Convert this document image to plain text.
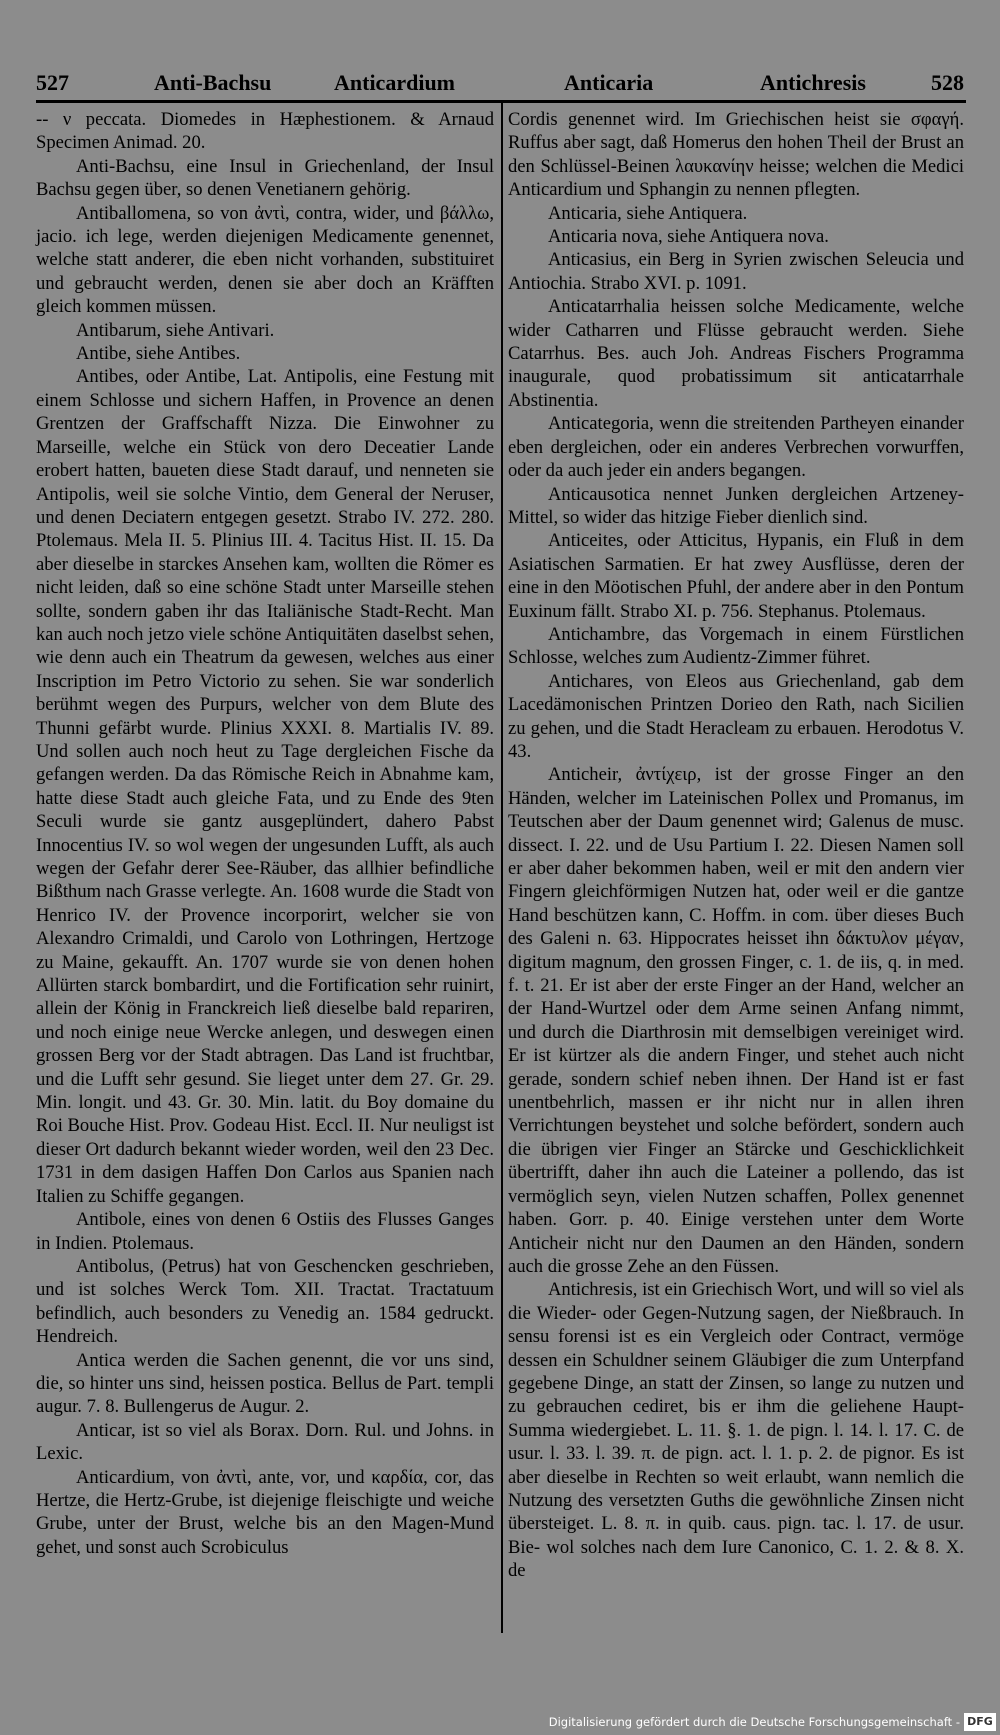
527	Anti-Bachsu	Anticardium	Anticaria	Antichresis	528

-- ν peccata. Diomedes in Hæphestionem. & Arnaud Specimen Animad. 20.

Anti-Bachsu, eine Insul in Griechenland, der Insul Bachsu gegen über, so denen Venetianern gehörig.

Antiballomena, so von ἀντὶ, contra, wider, und βάλλω, jacio. ich lege, werden diejenigen Medicamente genennet, welche statt anderer, die eben nicht vorhanden, substituiret und gebraucht werden, denen sie aber doch an Kräfften gleich kommen müssen.

Antibarum, siehe Antivari.

Antibe, siehe Antibes.

Antibes, oder Antibe, Lat. Antipolis, eine Festung mit einem Schlosse und sichern Haffen, in Provence an denen Grentzen der Graffschafft Nizza. Die Einwohner zu Marseille, welche ein Stück von dero Deceatier Lande erobert hatten, baueten diese Stadt darauf, und nenneten sie Antipolis, weil sie solche Vintio, dem General der Neruser, und denen Deciatern entgegen gesetzt. Strabo IV. 272. 280. Ptolemaus. Mela II. 5. Plinius III. 4. Tacitus Hist. II. 15. Da aber dieselbe in starckes Ansehen kam, wollten die Römer es nicht leiden, daß so eine schöne Stadt unter Marseille stehen sollte, sondern gaben ihr das Italiänische Stadt-Recht. Man kan auch noch jetzo viele schöne Antiquitäten daselbst sehen, wie denn auch ein Theatrum da gewesen, welches aus einer Inscription im Petro Victorio zu sehen. Sie war sonderlich berühmt wegen des Purpurs, welcher von dem Blute des Thunni gefärbt wurde. Plinius XXXI. 8. Martialis IV. 89. Und sollen auch noch heut zu Tage dergleichen Fische da gefangen werden. Da das Römische Reich in Abnahme kam, hatte diese Stadt auch gleiche Fata, und zu Ende des 9ten Seculi wurde sie gantz ausgeplündert, dahero Pabst Innocentius IV. so wol wegen der ungesunden Lufft, als auch wegen der Gefahr derer See-Räuber, das allhier befindliche Bißthum nach Grasse verlegte. An. 1608 wurde die Stadt von Henrico IV. der Provence incorporirt, welcher sie von Alexandro Crimaldi, und Carolo von Lothringen, Hertzoge zu Maine, gekaufft. An. 1707 wurde sie von denen hohen Allürten starck bombardirt, und die Fortification sehr ruinirt, allein der König in Franckreich ließ dieselbe bald repariren, und noch einige neue Wercke anlegen, und deswegen einen grossen Berg vor der Stadt abtragen. Das Land ist fruchtbar, und die Lufft sehr gesund. Sie lieget unter dem 27. Gr. 29. Min. longit. und 43. Gr. 30. Min. latit. du Boy domaine du Roi Bouche Hist. Prov. Godeau Hist. Eccl. II. Nur neuligst ist dieser Ort dadurch bekannt wieder worden, weil den 23 Dec. 1731 in dem dasigen Haffen Don Carlos aus Spanien nach Italien zu Schiffe gegangen.

Antibole, eines von denen 6 Ostiis des Flusses Ganges in Indien. Ptolemaus.

Antibolus, (Petrus) hat von Geschencken geschrieben, und ist solches Werck Tom. XII. Tractat. Tractatuum befindlich, auch besonders zu Venedig an. 1584 gedruckt. Hendreich.

Antica werden die Sachen genennt, die vor uns sind, die, so hinter uns sind, heissen postica. Bellus de Part. templi augur. 7. 8. Bullengerus de Augur. 2.

Anticar, ist so viel als Borax. Dorn. Rul. und Johns. in Lexic.

Anticardium, von ἀντὶ, ante, vor, und καρδία, cor, das Hertze, die Hertz-Grube, ist diejenige fleischigte und weiche Grube, unter der Brust, welche bis an den Magen-Mund gehet, und sonst auch Scrobiculus

Cordis genennet wird. Im Griechischen heist sie σφαγή. Ruffus aber sagt, daß Homerus den hohen Theil der Brust an den Schlüssel-Beinen λαυκανίην heisse; welchen die Medici Anticardium und Sphangin zu nennen pflegten.

Anticaria, siehe Antiquera.

Anticaria nova, siehe Antiquera nova.

Anticasius, ein Berg in Syrien zwischen Seleucia und Antiochia. Strabo XVI. p. 1091.

Anticatarrhalia heissen solche Medicamente, welche wider Catharren und Flüsse gebraucht werden. Siehe Catarrhus. Bes. auch Joh. Andreas Fischers Programma inaugurale, quod probatissimum sit anticatarrhale Abstinentia.

Anticategoria, wenn die streitenden Partheyen einander eben dergleichen, oder ein anderes Verbrechen vorwurffen, oder da auch jeder ein anders begangen.

Anticausotica nennet Junken dergleichen Artzeney-Mittel, so wider das hitzige Fieber dienlich sind.

Anticeites, oder Atticitus, Hypanis, ein Fluß in dem Asiatischen Sarmatien. Er hat zwey Ausflüsse, deren der eine in den Möotischen Pfuhl, der andere aber in den Pontum Euxinum fällt. Strabo XI. p. 756. Stephanus. Ptolemaus.

Antichambre, das Vorgemach in einem Fürstlichen Schlosse, welches zum Audientz-Zimmer führet.

Antichares, von Eleos aus Griechenland, gab dem Lacedämonischen Printzen Dorieo den Rath, nach Sicilien zu gehen, und die Stadt Heracleam zu erbauen. Herodotus V. 43.

Anticheir, ἀντίχειρ, ist der grosse Finger an den Händen, welcher im Lateinischen Pollex und Promanus, im Teutschen aber der Daum genennet wird; Galenus de musc. dissect. I. 22. und de Usu Partium I. 22. Diesen Namen soll er aber daher bekommen haben, weil er mit den andern vier Fingern gleichförmigen Nutzen hat, oder weil er die gantze Hand beschützen kann, C. Hoffm. in com. über dieses Buch des Galeni n. 63. Hippocrates heisset ihn δάκτυλον μέγαν, digitum magnum, den grossen Finger, c. 1. de iis, q. in med. f. t. 21. Er ist aber der erste Finger an der Hand, welcher an der Hand-Wurtzel oder dem Arme seinen Anfang nimmt, und durch die Diarthrosin mit demselbigen vereiniget wird. Er ist kürtzer als die andern Finger, und stehet auch nicht gerade, sondern schief neben ihnen. Der Hand ist er fast unentbehrlich, massen er ihr nicht nur in allen ihren Verrichtungen beystehet und solche befördert, sondern auch die übrigen vier Finger an Stärcke und Geschicklichkeit übertrifft, daher ihn auch die Lateiner a pollendo, das ist vermöglich seyn, vielen Nutzen schaffen, Pollex genennet haben. Gorr. p. 40. Einige verstehen unter dem Worte Anticheir nicht nur den Daumen an den Händen, sondern auch die grosse Zehe an den Füssen.

Antichresis, ist ein Griechisch Wort, und will so viel als die Wieder- oder Gegen-Nutzung sagen, der Nießbrauch. In sensu forensi ist es ein Vergleich oder Contract, vermöge dessen ein Schuldner seinem Gläubiger die zum Unterpfand gegebene Dinge, an statt der Zinsen, so lange zu nutzen und zu gebrauchen cediret, bis er ihm die geliehene Haupt-Summa wiedergiebet. L. 11. §. 1. de pign. l. 14. l. 17. C. de usur. l. 33. l. 39. π. de pign. act. l. 1. p. 2. de pignor. Es ist aber dieselbe in Rechten so weit erlaubt, wann nemlich die Nutzung des versetzten Guths die gewöhnliche Zinsen nicht übersteiget. L. 8. π. in quib. caus. pign. tac. l. 17. de usur. Bie- wol solches nach dem Iure Canonico, C. 1. 2. & 8. X. de

Digitalisierung gefördert durch die Deutsche Forschungsgemeinschaft - DFG
